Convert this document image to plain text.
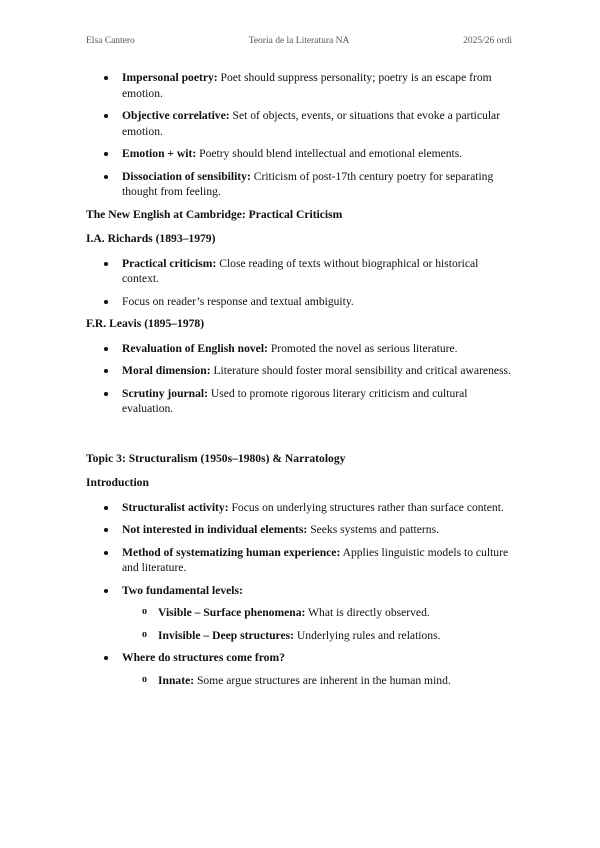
Elsa Cantero	Teoría de la Literatura NA	2025/26 ordi
Impersonal poetry: Poet should suppress personality; poetry is an escape from emotion.
Objective correlative: Set of objects, events, or situations that evoke a particular emotion.
Emotion + wit: Poetry should blend intellectual and emotional elements.
Dissociation of sensibility: Criticism of post-17th century poetry for separating thought from feeling.
The New English at Cambridge: Practical Criticism
I.A. Richards (1893–1979)
Practical criticism: Close reading of texts without biographical or historical context.
Focus on reader’s response and textual ambiguity.
F.R. Leavis (1895–1978)
Revaluation of English novel: Promoted the novel as serious literature.
Moral dimension: Literature should foster moral sensibility and critical awareness.
Scrutiny journal: Used to promote rigorous literary criticism and cultural evaluation.
Topic 3: Structuralism (1950s–1980s) & Narratology
Introduction
Structuralist activity: Focus on underlying structures rather than surface content.
Not interested in individual elements: Seeks systems and patterns.
Method of systematizing human experience: Applies linguistic models to culture and literature.
Two fundamental levels:
o Visible – Surface phenomena: What is directly observed.
o Invisible – Deep structures: Underlying rules and relations.
Where do structures come from?
o Innate: Some argue structures are inherent in the human mind.
